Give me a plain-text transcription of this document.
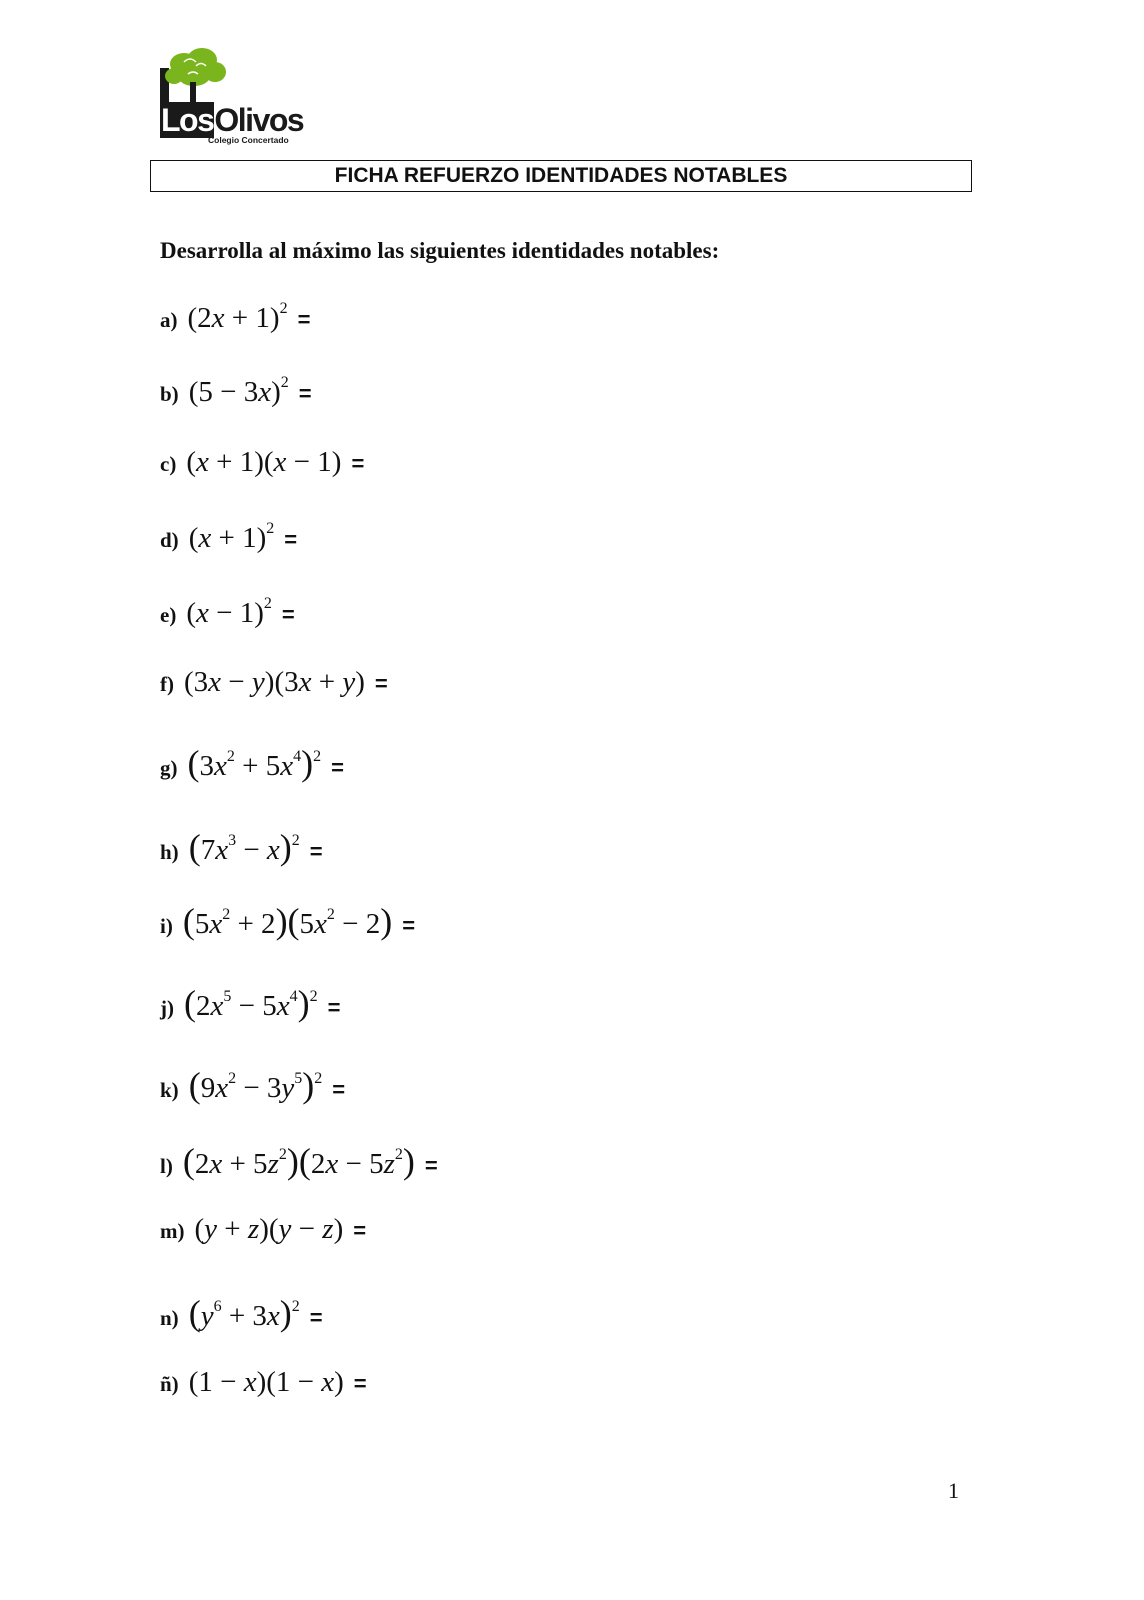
LosOlivos
Colegio Concertado
FICHA REFUERZO IDENTIDADES NOTABLES
Desarrolla al máximo las siguientes identidades notables:
a) $(2x + 1)^2$ =
b) $(5 - 3x)^2$ =
c) (x + 1)(x − 1) =
d) $(x + 1)^2$ =
e) $(x - 1)^2$ =
f) (3x − y)(3x + y) =
g) $(3x^2 + 5x^4)^2$ =
h) $(7x^3 - x)^2$ =
i) $(5x^2 + 2)(5x^2 - 2)$ =
j) $(2x^5 - 5x^4)^2$ =
k) $(9x^2 - 3y^5)^2$ =
l) $(2x + 5z^2)(2x - 5z^2)$ =
m) (y + z)(y − z) =
n) $(y^6 + 3x)^2$ =
ñ) (1 − x)(1 − x) =
1
